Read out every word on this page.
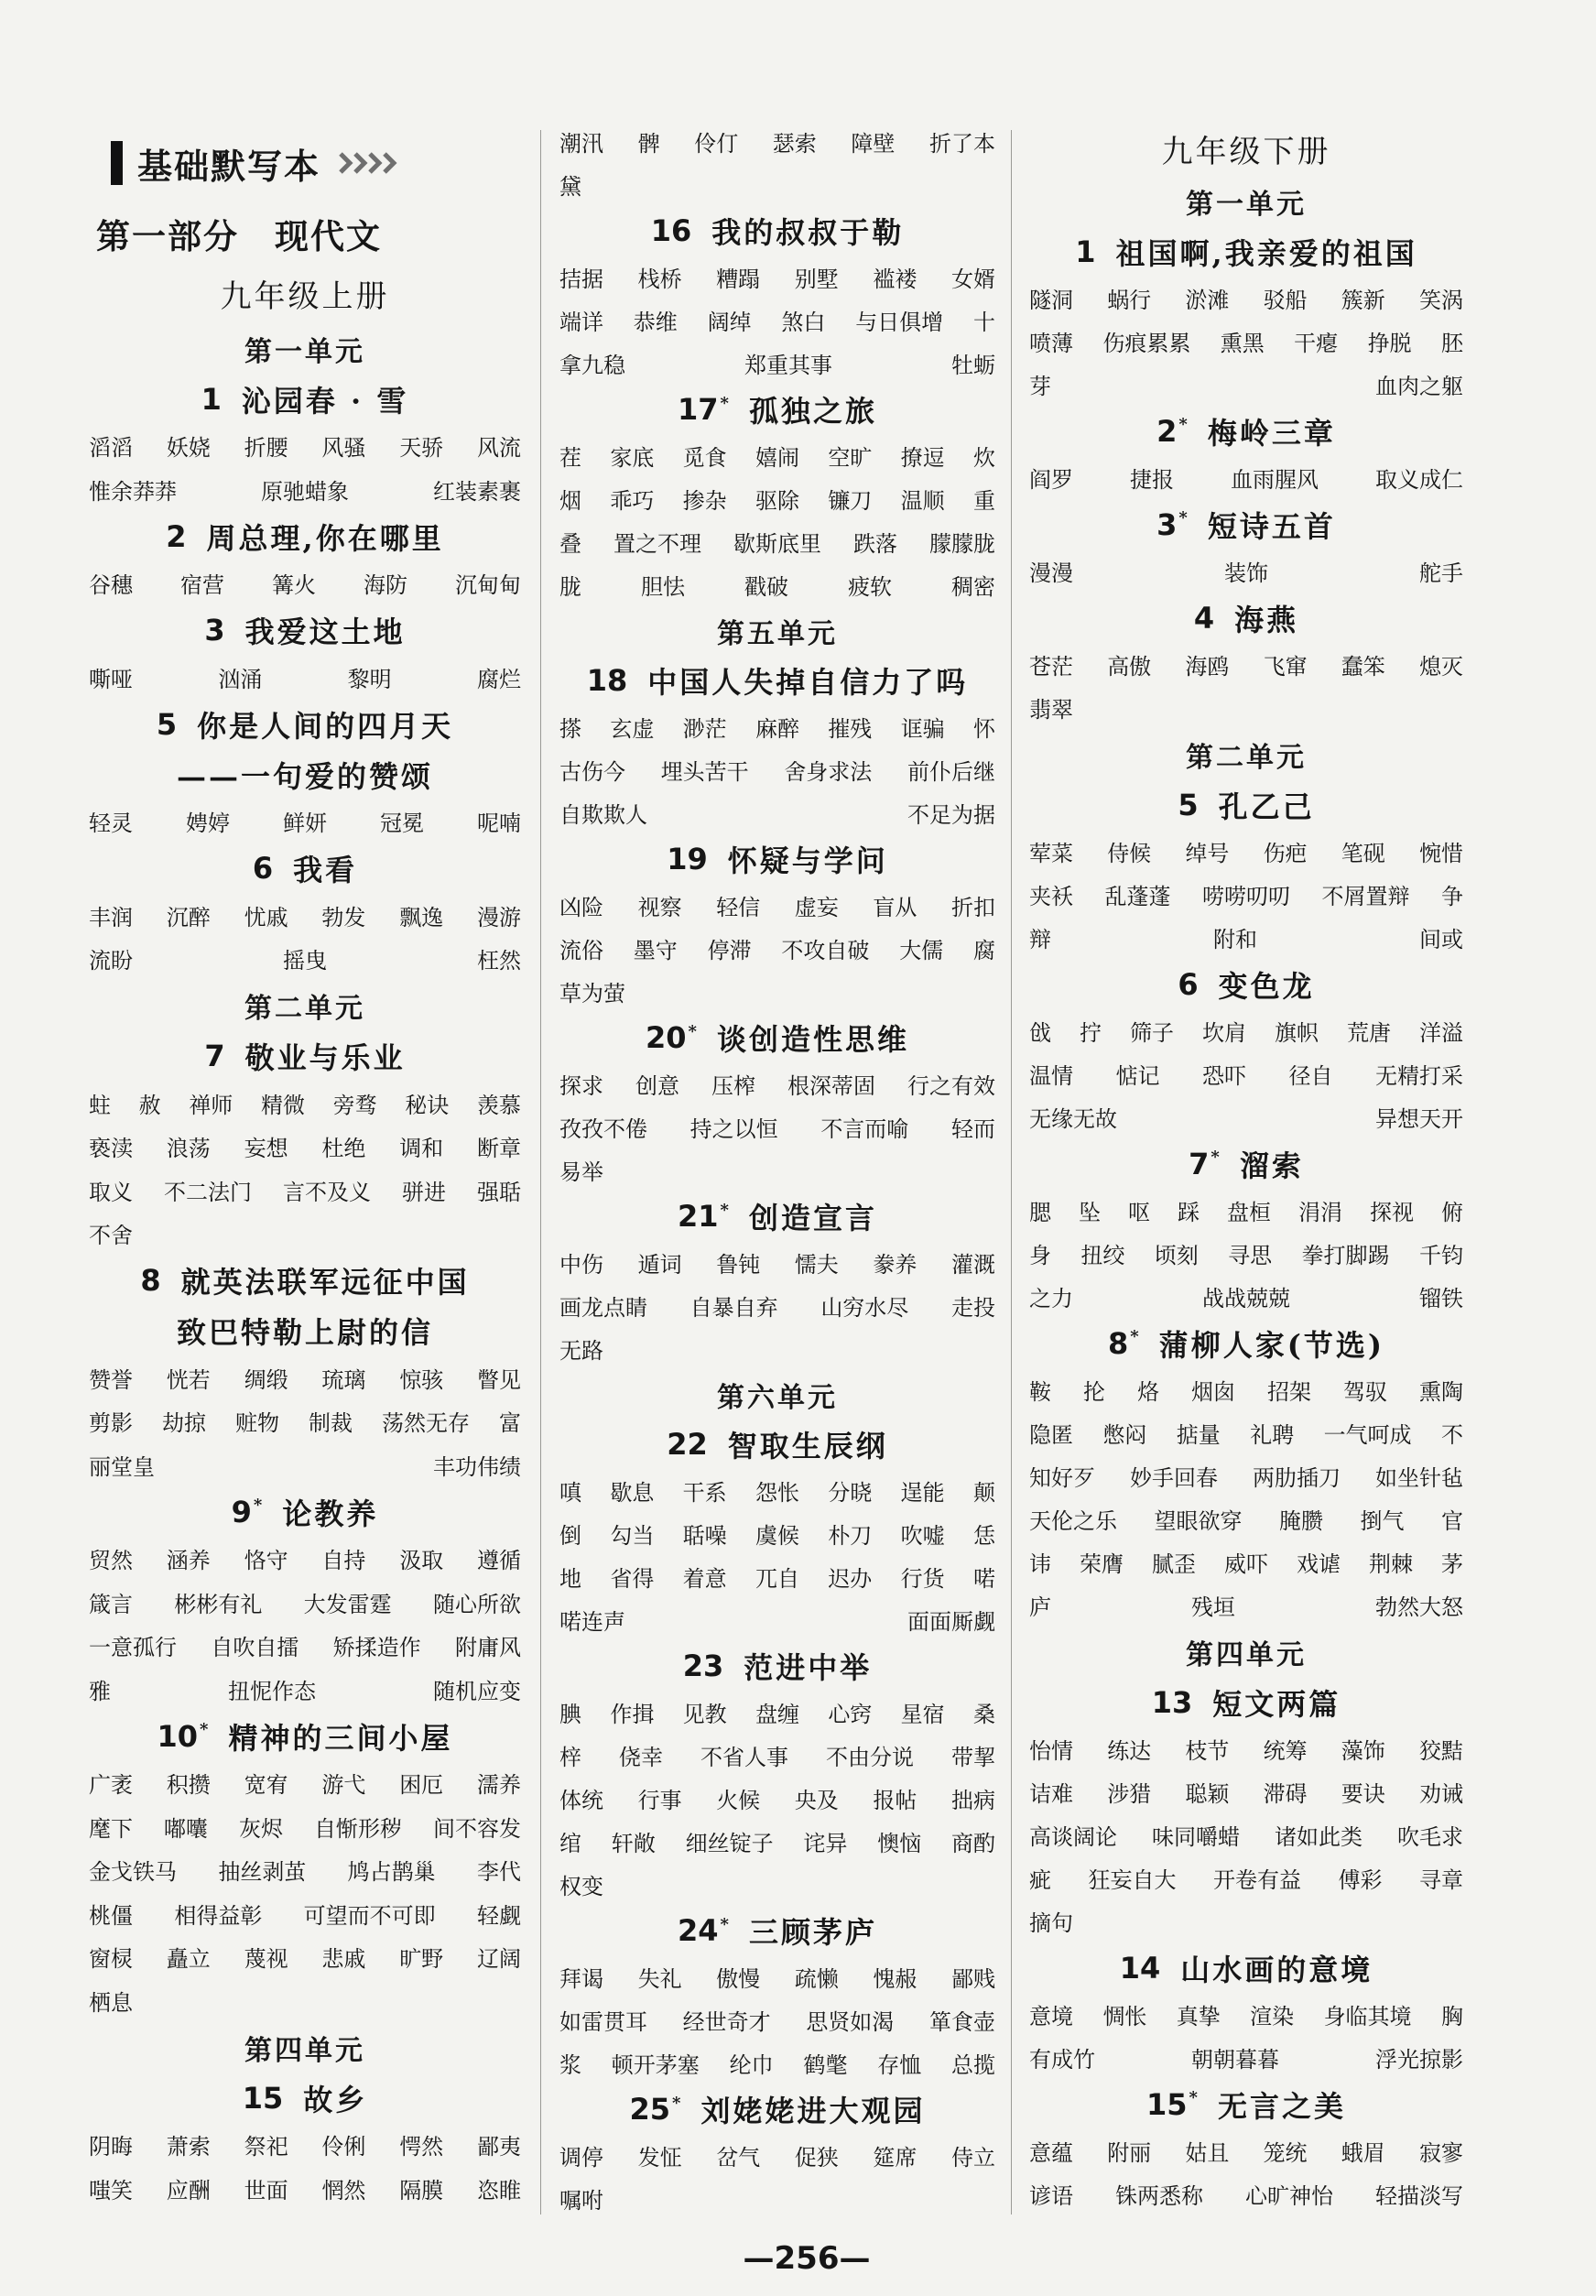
基础默写本
第一部分　现代文
九年级上册
第一单元
1 沁园春 · 雪
滔滔 妖娆 折腰 风骚 天骄 风流
惟余莽莽	原驰蜡象	红装素裹
2 周总理,你在哪里
谷穗 宿营 篝火 海防 沉甸甸
3 我爱这土地
嘶哑	汹涌	黎明	腐烂
5 你是人间的四月天
——一句爱的赞颂
轻灵 娉婷 鲜妍 冠冕 呢喃
6 我看
丰润 沉醉 忧戚 勃发 飘逸 漫游
流盼	摇曳	枉然
第二单元
7 敬业与乐业
蛀 赦 禅师 精微 旁骛 秘诀 羡慕
亵渎 浪荡 妄想 杜绝 调和 断章
取义 不二法门 言不及义 骈进 强聒
不舍
8 就英法联军远征中国
致巴特勒上尉的信
赞誉 恍若 绸缎 琉璃 惊骇 瞥见
剪影 劫掠 赃物 制裁 荡然无存 富
丽堂皇	丰功伟绩
9 * 论教养
贸然 涵养 恪守 自持 汲取 遵循
箴言 彬彬有礼 大发雷霆 随心所欲
一意孤行 自吹自擂 矫揉造作 附庸风
雅	扭怩作态	随机应变
10 * 精神的三间小屋
广袤 积攒 宽宥 游弋 困厄 濡养
麾下 嘟囔 灰烬 自惭形秽 间不容发
金戈铁马 抽丝剥茧 鸠占鹊巢 李代
桃僵 相得益彰 可望而不可即 轻觑
窗棂 矗立 蔑视 悲戚 旷野 辽阔
栖息
第四单元
15 故乡
阴晦 萧索 祭祀 伶俐 愕然 鄙夷
嗤笑 应酬 世面 惘然 隔膜 恣睢
潮汛 髀 伶仃 瑟索 障壁 折了本
黛
16 我的叔叔于勒
拮据 栈桥 糟蹋 别墅 褴褛 女婿
端详 恭维 阔绰 煞白 与日俱增 十
拿九稳	郑重其事	牡蛎
17 * 孤独之旅
茬 家底 觅食 嬉闹 空旷 撩逗 炊
烟 乖巧 掺杂 驱除 镰刀 温顺 重
叠 置之不理 歇斯底里 跌落 朦朦胧
胧	胆怯	戳破	疲软	稠密
第五单元
18 中国人失掉自信力了吗
搽 玄虚 渺茫 麻醉 摧残 诓骗 怀
古伤今 埋头苦干 舍身求法 前仆后继
自欺欺人	不足为据
19 怀疑与学问
凶险 视察 轻信 虚妄 盲从 折扣
流俗 墨守 停滞 不攻自破 大儒 腐
草为萤
20 * 谈创造性思维
探求 创意 压榨 根深蒂固 行之有效
孜孜不倦 持之以恒 不言而喻 轻而
易举
21 * 创造宣言
中伤 遁词 鲁钝 懦夫 豢养 灌溉
画龙点睛 自暴自弃 山穷水尽 走投
无路
第六单元
22 智取生辰纲
嗔 歇息 干系 怨怅 分晓 逞能 颠
倒 勾当 聒噪 虞候 朴刀 吹嘘 恁
地 省得 着意 兀自 迟办 行货 喏
喏连声	面面厮觑
23 范进中举
腆 作揖 见教 盘缠 心窍 星宿 桑
梓 侥幸 不省人事 不由分说 带挈
体统 行事 火候 央及 报帖 拙病
绾 轩敞 细丝锭子 诧异 懊恼 商酌
权变
24 * 三顾茅庐
拜谒 失礼 傲慢 疏懒 愧赧 鄙贱
如雷贯耳 经世奇才 思贤如渴 箪食壶
浆 顿开茅塞 纶巾 鹤氅 存恤 总揽
25 * 刘姥姥进大观园
调停 发怔 岔气 促狭 筵席 侍立
嘱咐
九年级下册
第一单元
1 祖国啊,我亲爱的祖国
隧洞 蜗行 淤滩 驳船 簇新 笑涡
喷薄 伤痕累累 熏黑 干瘪 挣脱 胚
芽	血肉之躯
2 * 梅岭三章
阎罗	捷报	血雨腥风	取义成仁
3 * 短诗五首
漫漫	装饰	舵手
4 海燕
苍茫 高傲 海鸥 飞窜 蠢笨 熄灭
翡翠
第二单元
5 孔乙己
荤菜 侍候 绰号 伤疤 笔砚 惋惜
夹袄 乱蓬蓬 唠唠叨叨 不屑置辩 争
辩	附和	间或
6 变色龙
戗 拧 筛子 坎肩 旗帜 荒唐 洋溢
温情 惦记 恐吓 径自 无精打采
无缘无故	异想天开
7 * 溜索
腮 坠 呕 踩 盘桓 涓涓 探视 俯
身 扭绞 顷刻 寻思 拳打脚踢 千钧
之力	战战兢兢	镏铁
8 * 蒲柳人家(节选)
鞍 抡 烙 烟囱 招架 驾驭 熏陶
隐匿 憋闷 掂量 礼聘 一气呵成 不
知好歹 妙手回春 两肋插刀 如坐针毡
天伦之乐 望眼欲穿 腌臜 捯气 官
讳 荣膺 腻歪 威吓 戏谑 荆棘 茅
庐	残垣	勃然大怒
第四单元
13 短文两篇
怡情 练达 枝节 统筹 藻饰 狡黠
诘难 涉猎 聪颖 滞碍 要诀 劝诫
高谈阔论 味同嚼蜡 诸如此类 吹毛求
疵 狂妄自大 开卷有益 傅彩 寻章
摘句
14 山水画的意境
意境 惆怅 真挚 渲染 身临其境 胸
有成竹	朝朝暮暮	浮光掠影
15 * 无言之美
意蕴 附丽 姑且 笼统 蛾眉 寂寥
谚语 铢两悉称 心旷神怡 轻描淡写
—256—
